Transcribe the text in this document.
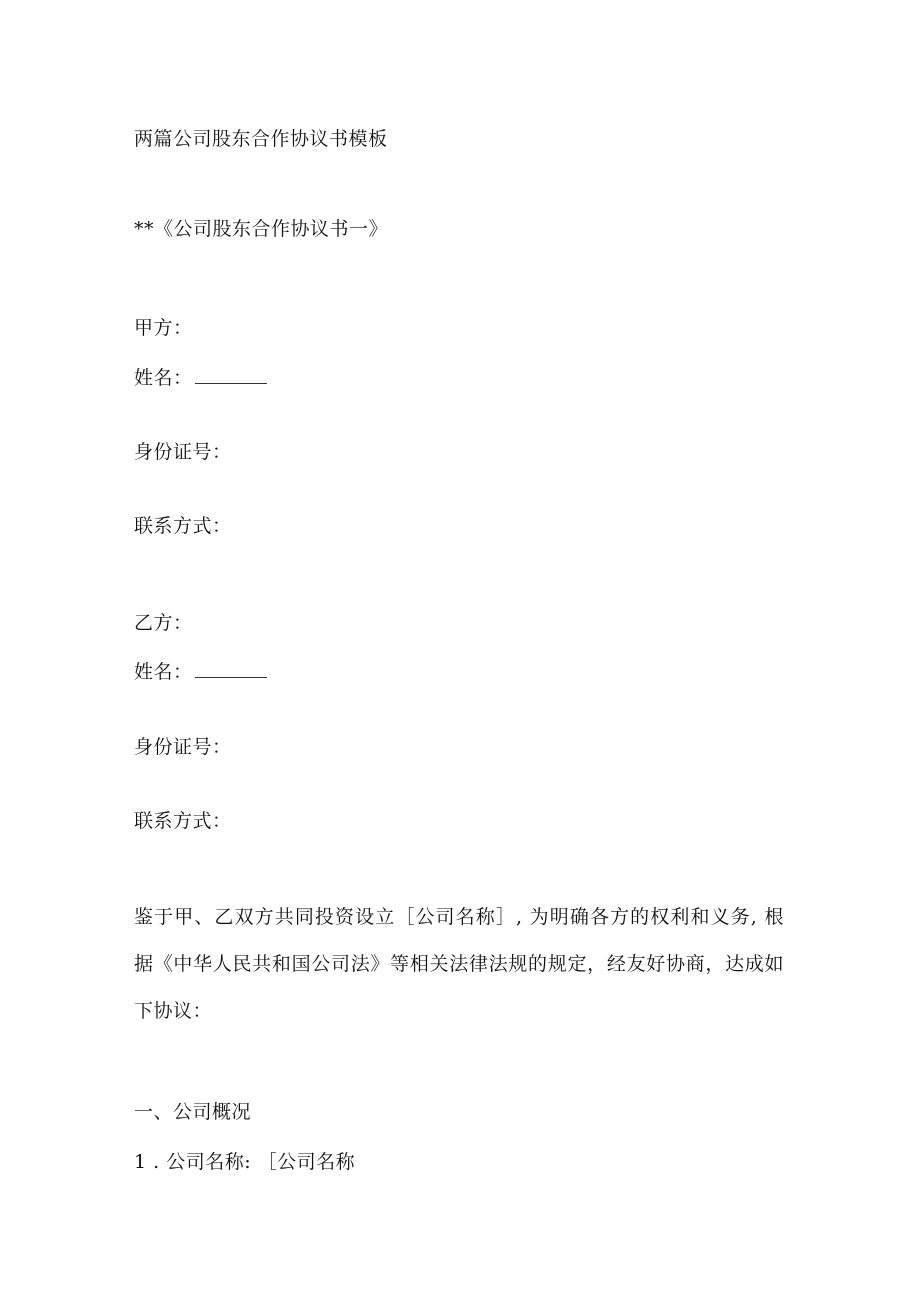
两篇公司股东合作协议书模板
**《公司股东合作协议书一》
甲方：
姓名：
身份证号：
联系方式：
乙方：
姓名：
身份证号：
联系方式：
鉴于甲、乙双方共同投资设立［公司名称］, 为明确各方的权利和义务, 根据《中华人民共和国公司法》等相关法律法规的规定，经友好协商，达成如下协议：
一、公司概况
1 . 公司名称: ［公司名称
